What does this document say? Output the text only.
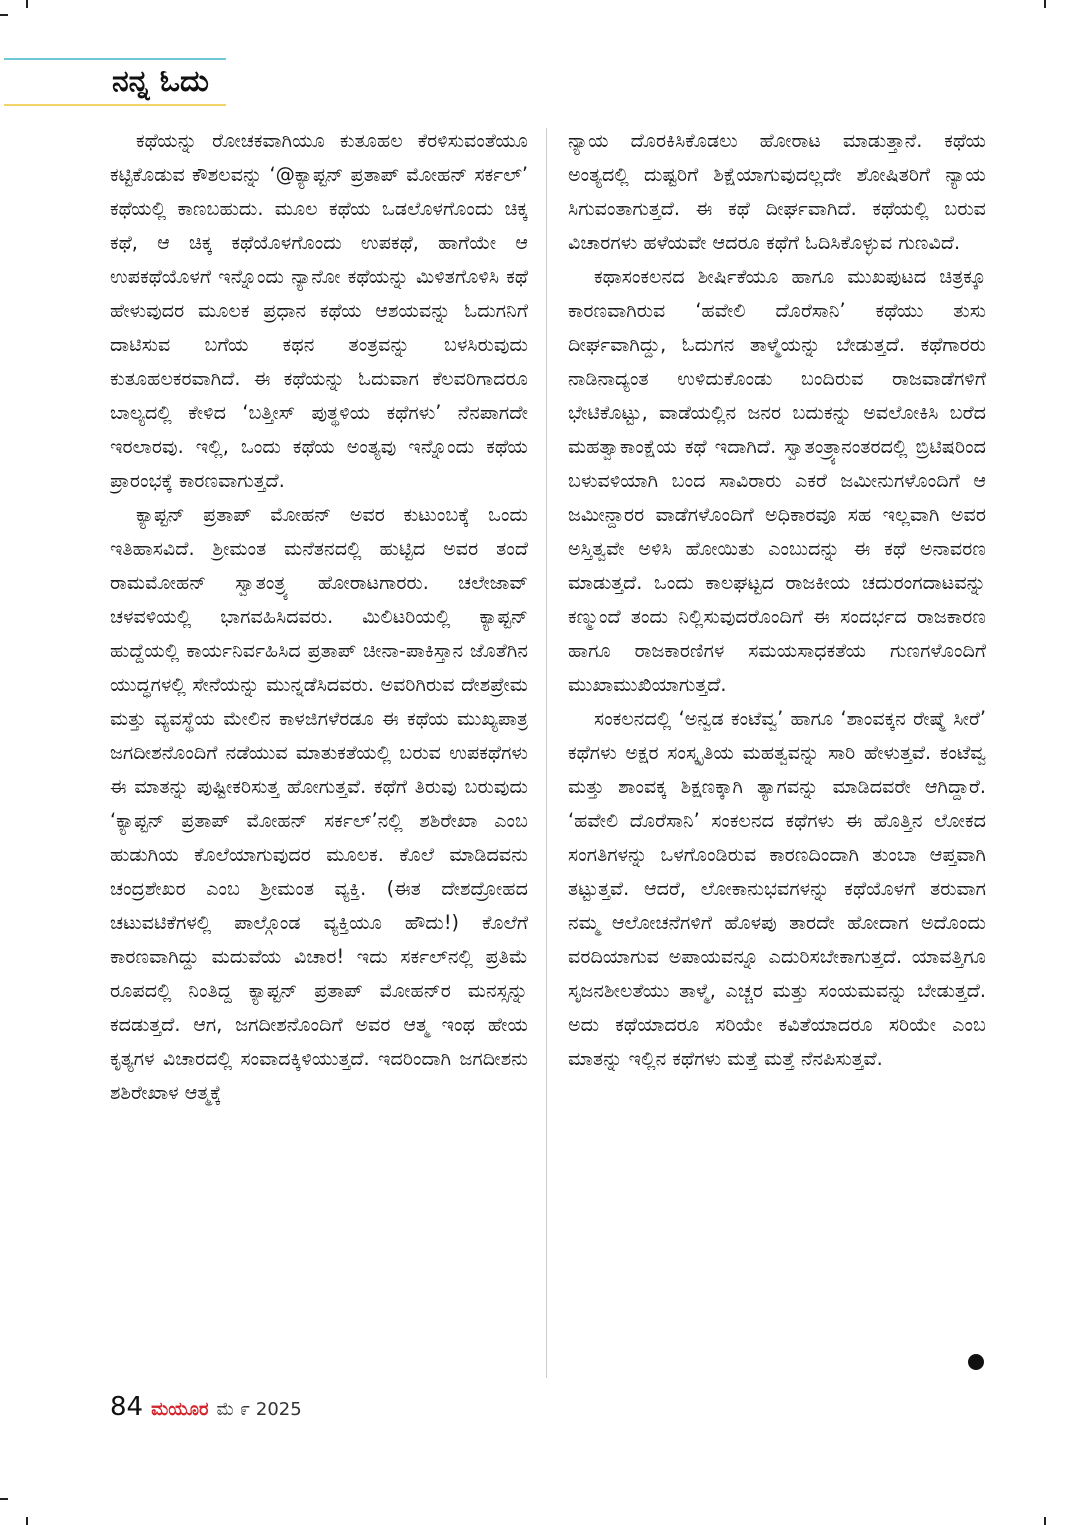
ನನ್ನ ಓದು

ಕಥೆಯನ್ನು ರೋಚಕವಾಗಿಯೂ ಕುತೂಹಲ ಕೆರಳಿಸುವಂತೆಯೂ ಕಟ್ಟಿಕೊಡುವ ಕೌಶಲವನ್ನು ‘@ಕ್ಯಾಪ್ಟನ್ ಪ್ರತಾಪ್ ಮೋಹನ್ ಸರ್ಕಲ್’ ಕಥೆಯಲ್ಲಿ ಕಾಣಬಹುದು. ಮೂಲ ಕಥೆಯ ಒಡಲೊಳಗೊಂದು ಚಿಕ್ಕ ಕಥೆ, ಆ ಚಿಕ್ಕ ಕಥೆಯೊಳಗೊಂದು ಉಪಕಥೆ, ಹಾಗೆಯೇ ಆ ಉಪಕಥೆಯೊಳಗೆ ಇನ್ನೊಂದು ನ್ಯಾನೋ ಕಥೆಯನ್ನು ಮಿಳಿತಗೊಳಿಸಿ ಕಥೆ ಹೇಳುವುದರ ಮೂಲಕ ಪ್ರಧಾನ ಕಥೆಯ ಆಶಯವನ್ನು ಓದುಗನಿಗೆ ದಾಟಿಸುವ ಬಗೆಯ ಕಥನ ತಂತ್ರವನ್ನು ಬಳಸಿರುವುದು ಕುತೂಹಲಕರವಾಗಿದೆ. ಈ ಕಥೆಯನ್ನು ಓದುವಾಗ ಕೆಲವರಿಗಾದರೂ ಬಾಲ್ಯದಲ್ಲಿ ಕೇಳಿದ ‘ಬತ್ತೀಸ್ ಪುತ್ಥಳಿಯ ಕಥೆಗಳು’ ನೆನಪಾಗದೇ ಇರಲಾರವು. ಇಲ್ಲಿ, ಒಂದು ಕಥೆಯ ಅಂತ್ಯವು ಇನ್ನೊಂದು ಕಥೆಯ ಪ್ರಾರಂಭಕ್ಕೆ ಕಾರಣವಾಗುತ್ತದೆ.

ಕ್ಯಾಪ್ಟನ್ ಪ್ರತಾಪ್ ಮೋಹನ್ ಅವರ ಕುಟುಂಬಕ್ಕೆ ಒಂದು ಇತಿಹಾಸವಿದೆ. ಶ್ರೀಮಂತ ಮನೆತನದಲ್ಲಿ ಹುಟ್ಟಿದ ಅವರ ತಂದೆ ರಾಮಮೋಹನ್ ಸ್ವಾತಂತ್ರ್ಯ ಹೋರಾಟಗಾರರು. ಚಲೇಜಾವ್ ಚಳವಳಿಯಲ್ಲಿ ಭಾಗವಹಿಸಿದವರು. ಮಿಲಿಟರಿಯಲ್ಲಿ ಕ್ಯಾಪ್ಟನ್ ಹುದ್ದೆಯಲ್ಲಿ ಕಾರ್ಯನಿರ್ವಹಿಸಿದ ಪ್ರತಾಪ್ ಚೀನಾ-ಪಾಕಿಸ್ತಾನ ಜೊತೆಗಿನ ಯುದ್ಧಗಳಲ್ಲಿ ಸೇನೆಯನ್ನು ಮುನ್ನಡೆಸಿದವರು. ಅವರಿಗಿರುವ ದೇಶಪ್ರೇಮ ಮತ್ತು ವ್ಯವಸ್ಥೆಯ ಮೇಲಿನ ಕಾಳಜಿಗಳೆರಡೂ ಈ ಕಥೆಯ ಮುಖ್ಯಪಾತ್ರ ಜಗದೀಶನೊಂದಿಗೆ ನಡೆಯುವ ಮಾತುಕತೆಯಲ್ಲಿ ಬರುವ ಉಪಕಥೆಗಳು ಈ ಮಾತನ್ನು ಪುಷ್ಟೀಕರಿಸುತ್ತ ಹೋಗುತ್ತವೆ. ಕಥೆಗೆ ತಿರುವು ಬರುವುದು ‘ಕ್ಯಾಪ್ಟನ್ ಪ್ರತಾಪ್ ಮೋಹನ್ ಸರ್ಕಲ್’ನಲ್ಲಿ ಶಶಿರೇಖಾ ಎಂಬ ಹುಡುಗಿಯ ಕೊಲೆಯಾಗುವುದರ ಮೂಲಕ. ಕೊಲೆ ಮಾಡಿದವನು ಚಂದ್ರಶೇಖರ ಎಂಬ ಶ್ರೀಮಂತ ವ್ಯಕ್ತಿ. (ಈತ ದೇಶದ್ರೋಹದ ಚಟುವಟಿಕೆಗಳಲ್ಲಿ ಪಾಲ್ಗೊಂಡ ವ್ಯಕ್ತಿಯೂ ಹೌದು!) ಕೊಲೆಗೆ ಕಾರಣವಾಗಿದ್ದು ಮದುವೆಯ ವಿಚಾರ! ಇದು ಸರ್ಕಲ್‌ನಲ್ಲಿ ಪ್ರತಿಮೆ ರೂಪದಲ್ಲಿ ನಿಂತಿದ್ದ ಕ್ಯಾಪ್ಟನ್ ಪ್ರತಾಪ್ ಮೋಹನ್‌ರ ಮನಸ್ಸನ್ನು ಕದಡುತ್ತದೆ. ಆಗ, ಜಗದೀಶನೊಂದಿಗೆ ಅವರ ಆತ್ಮ ಇಂಥ ಹೇಯ ಕೃತ್ಯಗಳ ವಿಚಾರದಲ್ಲಿ ಸಂವಾದಕ್ಕಿಳಿಯುತ್ತದೆ. ಇದರಿಂದಾಗಿ ಜಗದೀಶನು ಶಶಿರೇಖಾಳ ಆತ್ಮಕ್ಕೆ

ನ್ಯಾಯ ದೊರಕಿಸಿಕೊಡಲು ಹೋರಾಟ ಮಾಡುತ್ತಾನೆ. ಕಥೆಯ ಅಂತ್ಯದಲ್ಲಿ ದುಷ್ಟರಿಗೆ ಶಿಕ್ಷೆಯಾಗುವುದಲ್ಲದೇ ಶೋಷಿತರಿಗೆ ನ್ಯಾಯ ಸಿಗುವಂತಾಗುತ್ತದೆ. ಈ ಕಥೆ ದೀರ್ಘವಾಗಿದೆ. ಕಥೆಯಲ್ಲಿ ಬರುವ ವಿಚಾರಗಳು ಹಳೆಯವೇ ಆದರೂ ಕಥೆಗೆ ಓದಿಸಿಕೊಳ್ಳುವ ಗುಣವಿದೆ.

ಕಥಾಸಂಕಲನದ ಶೀರ್ಷಿಕೆಯೂ ಹಾಗೂ ಮುಖಪುಟದ ಚಿತ್ರಕ್ಕೂ ಕಾರಣವಾಗಿರುವ ‘ಹವೇಲಿ ದೊರೆಸಾನಿ’ ಕಥೆಯು ತುಸು ದೀರ್ಘವಾಗಿದ್ದು, ಓದುಗನ ತಾಳ್ಮೆಯನ್ನು ಬೇಡುತ್ತದೆ. ಕಥೆಗಾರರು ನಾಡಿನಾದ್ಯಂತ ಉಳಿದುಕೊಂಡು ಬಂದಿರುವ ರಾಜವಾಡೆಗಳಿಗೆ ಭೇಟಿಕೊಟ್ಟು, ವಾಡೆಯಲ್ಲಿನ ಜನರ ಬದುಕನ್ನು ಅವಲೋಕಿಸಿ ಬರೆದ ಮಹತ್ವಾಕಾಂಕ್ಷೆಯ ಕಥೆ ಇದಾಗಿದೆ. ಸ್ವಾತಂತ್ರ್ಯಾನಂತರದಲ್ಲಿ ಬ್ರಿಟಿಷರಿಂದ ಬಳುವಳಿಯಾಗಿ ಬಂದ ಸಾವಿರಾರು ಎಕರೆ ಜಮೀನುಗಳೊಂದಿಗೆ ಆ ಜಮೀನ್ದಾರರ ವಾಡೆಗಳೊಂದಿಗೆ ಅಧಿಕಾರವೂ ಸಹ ಇಲ್ಲವಾಗಿ ಅವರ ಅಸ್ತಿತ್ವವೇ ಅಳಿಸಿ ಹೋಯಿತು ಎಂಬುದನ್ನು ಈ ಕಥೆ ಅನಾವರಣ ಮಾಡುತ್ತದೆ. ಒಂದು ಕಾಲಘಟ್ಟದ ರಾಜಕೀಯ ಚದುರಂಗದಾಟವನ್ನು ಕಣ್ಮುಂದೆ ತಂದು ನಿಲ್ಲಿಸುವುದರೊಂದಿಗೆ ಈ ಸಂದರ್ಭದ ರಾಜಕಾರಣ ಹಾಗೂ ರಾಜಕಾರಣಿಗಳ ಸಮಯಸಾಧಕತೆಯ ಗುಣಗಳೊಂದಿಗೆ ಮುಖಾಮುಖಿಯಾಗುತ್ತದೆ.

ಸಂಕಲನದಲ್ಲಿ ‘ಅನ್ವಡ ಕಂಟೆವ್ವ’ ಹಾಗೂ ‘ಶಾಂವಕ್ಕನ ರೇಷ್ಮೆ ಸೀರೆ’ ಕಥೆಗಳು ಅಕ್ಷರ ಸಂಸ್ಕೃತಿಯ ಮಹತ್ವವನ್ನು ಸಾರಿ ಹೇಳುತ್ತವೆ. ಕಂಟೆವ್ವ ಮತ್ತು ಶಾಂವಕ್ಕ ಶಿಕ್ಷಣಕ್ಕಾಗಿ ತ್ಯಾಗವನ್ನು ಮಾಡಿದವರೇ ಆಗಿದ್ದಾರೆ. ‘ಹವೇಲಿ ದೊರೆಸಾನಿ’ ಸಂಕಲನದ ಕಥೆಗಳು ಈ ಹೊತ್ತಿನ ಲೋಕದ ಸಂಗತಿಗಳನ್ನು ಒಳಗೊಂಡಿರುವ ಕಾರಣದಿಂದಾಗಿ ತುಂಬಾ ಆಪ್ತವಾಗಿ ತಟ್ಟುತ್ತವೆ. ಆದರೆ, ಲೋಕಾನುಭವಗಳನ್ನು ಕಥೆಯೊಳಗೆ ತರುವಾಗ ನಮ್ಮ ಆಲೋಚನೆಗಳಿಗೆ ಹೊಳಪು ತಾರದೇ ಹೋದಾಗ ಅದೊಂದು ವರದಿಯಾಗುವ ಅಪಾಯವನ್ನೂ ಎದುರಿಸಬೇಕಾಗುತ್ತದೆ. ಯಾವತ್ತಿಗೂ ಸೃಜನಶೀಲತೆಯು ತಾಳ್ಮೆ, ಎಚ್ಚರ ಮತ್ತು ಸಂಯಮವನ್ನು ಬೇಡುತ್ತದೆ. ಅದು ಕಥೆಯಾದರೂ ಸರಿಯೇ ಕವಿತೆಯಾದರೂ ಸರಿಯೇ ಎಂಬ ಮಾತನ್ನು ಇಲ್ಲಿನ ಕಥೆಗಳು ಮತ್ತೆ ಮತ್ತೆ ನೆನಪಿಸುತ್ತವೆ.

84 ಮಯೂರ ಮೆ ೯ 2025
